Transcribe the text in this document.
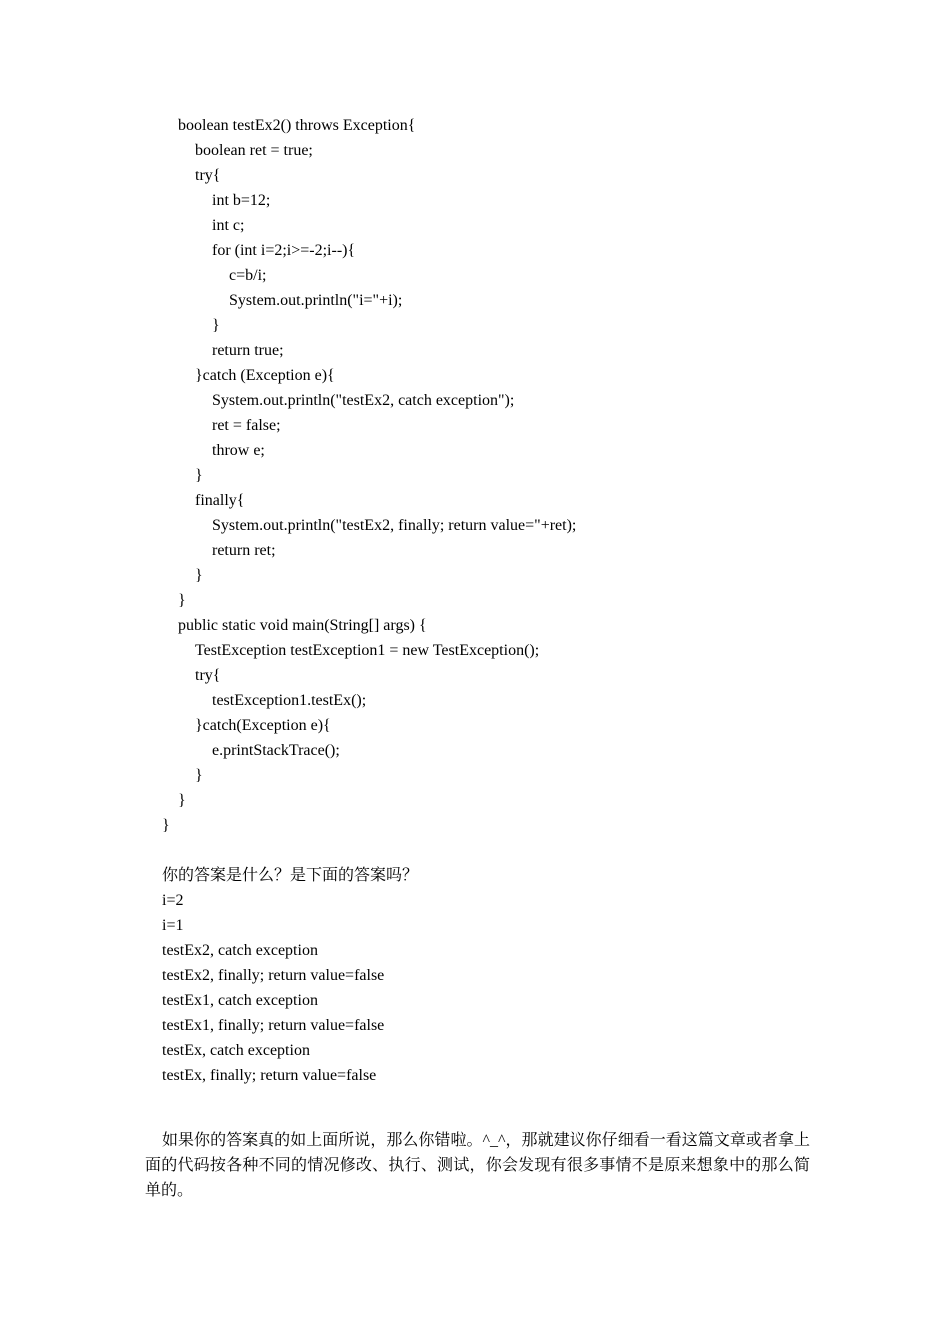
boolean testEx2() throws Exception{
boolean ret = true;
try{
int b=12;
int c;
for (int i=2;i>=-2;i--){
c=b/i;
System.out.println("i="+i);
}
return true;
}catch (Exception e){
System.out.println("testEx2, catch exception");
ret = false;
throw e;
}
finally{
System.out.println("testEx2, finally; return value="+ret);
return ret;
}
}
public static void main(String[] args) {
TestException testException1 = new TestException();
try{
testException1.testEx();
}catch(Exception e){
e.printStackTrace();
}
}
}
你的答案是什么？是下面的答案吗？
i=2
i=1
testEx2, catch exception
testEx2, finally; return value=false
testEx1, catch exception
testEx1, finally; return value=false
testEx, catch exception
testEx, finally; return value=false

如果你的答案真的如上面所说，那么你错啦。^_^，那就建议你仔细看一看这篇文章或者拿上面的代码按各种不同的情况修改、执行、测试，你会发现有很多事情不是原来想象中的那么简单的。
